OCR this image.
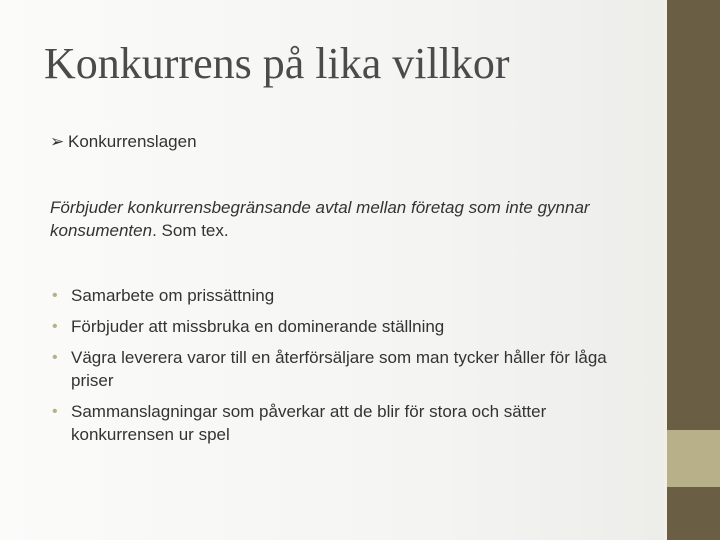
Konkurrens på lika villkor
➢ Konkurrenslagen
Förbjuder konkurrensbegränsande avtal mellan företag som inte gynnar konsumenten. Som tex.
• Samarbete om prissättning
• Förbjuder att missbruka en dominerande ställning
• Vägra leverera varor till en återförsäljare som man tycker håller för låga priser
• Sammanslagningar som påverkar att de blir för stora och sätter konkurrensen ur spel
